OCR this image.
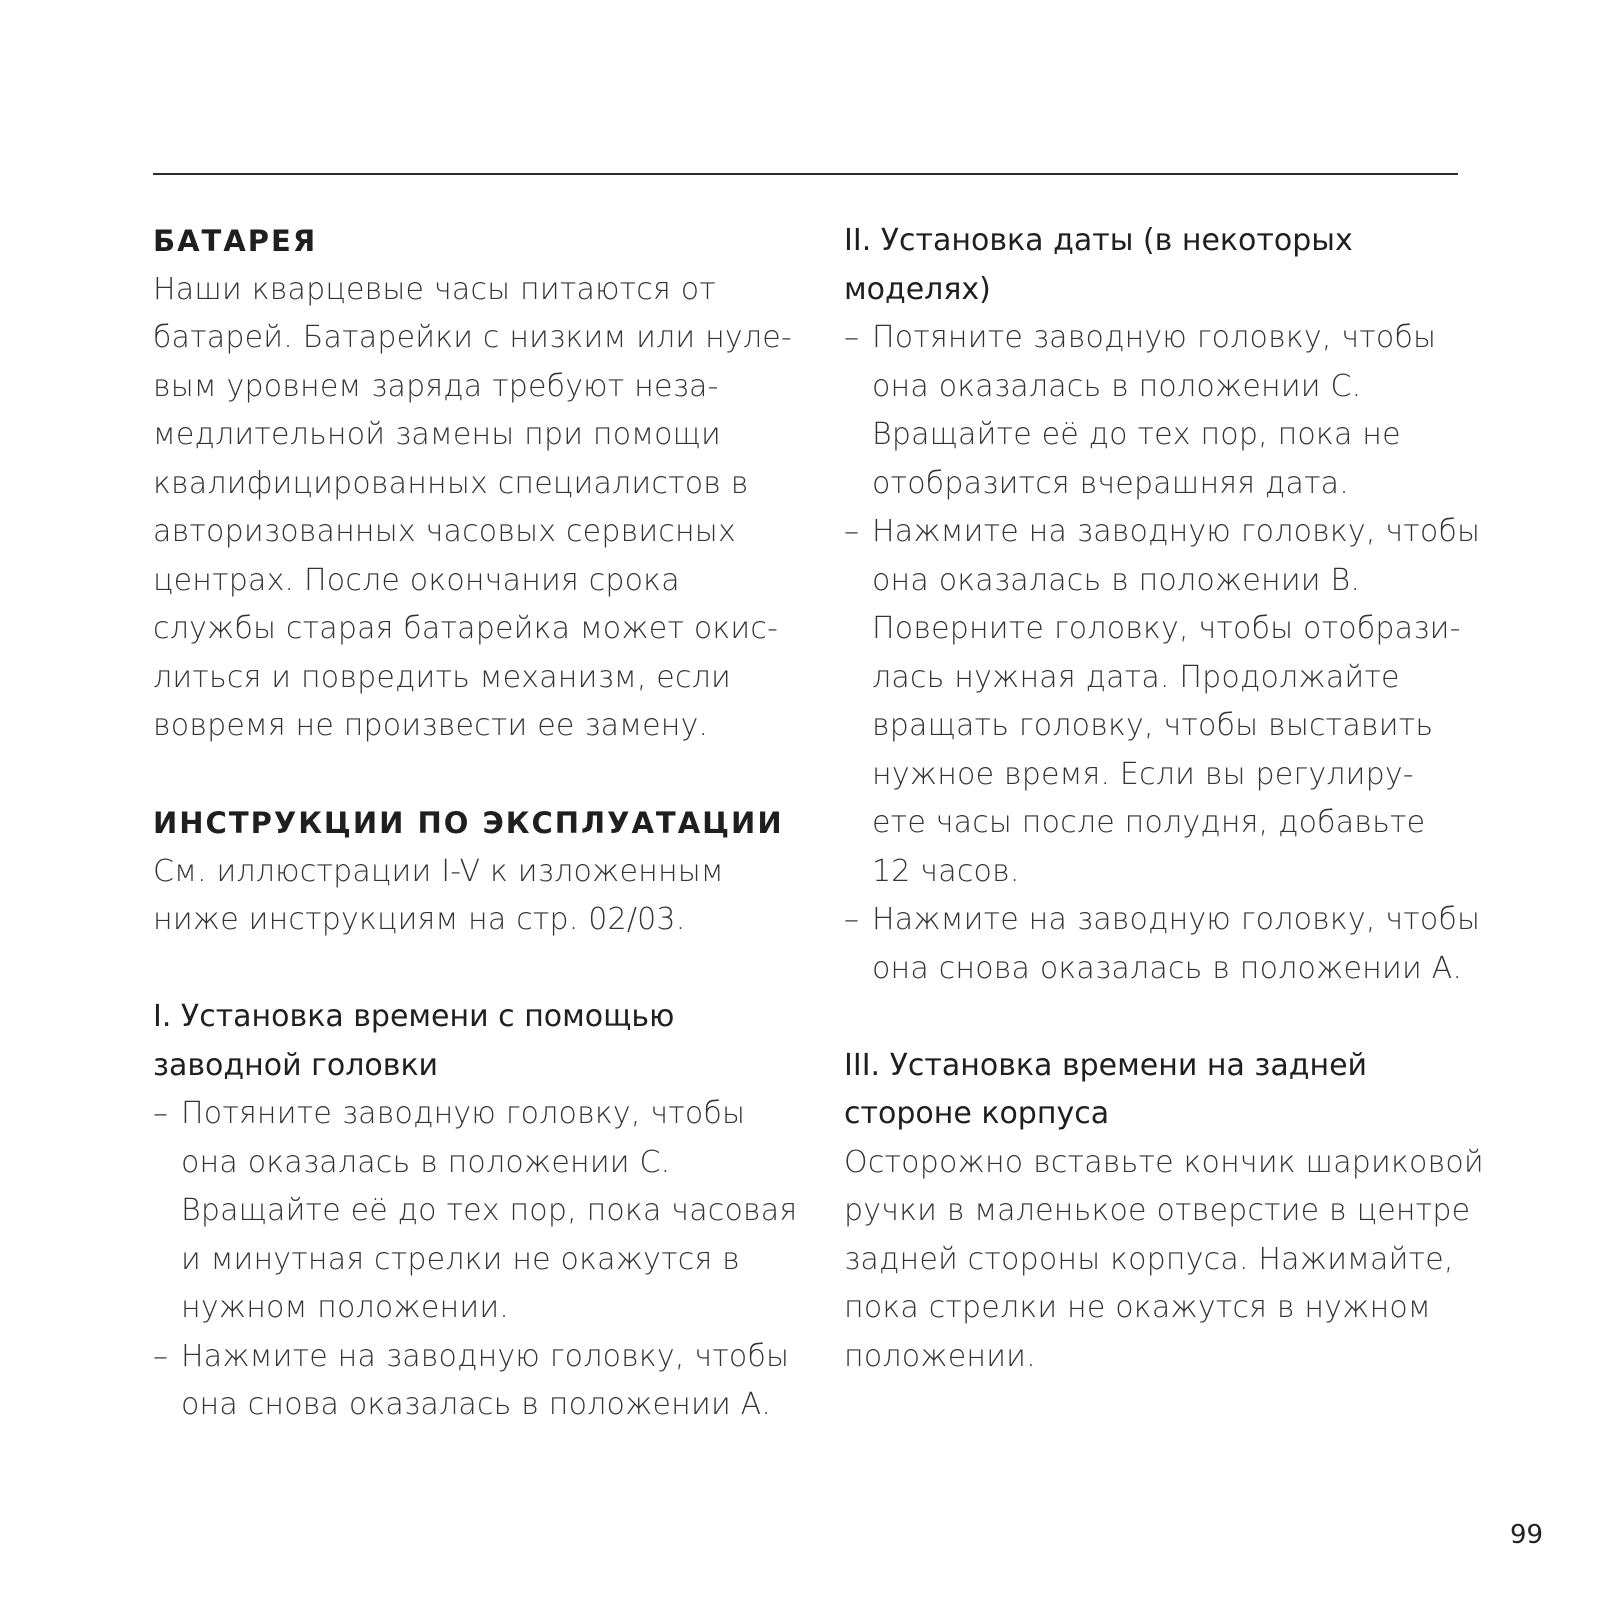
БАТАРЕЯ
Наши кварцевые часы питаются от
батарей. Батарейки с низким или нуле-
вым уровнем заряда требуют неза-
медлительной замены при помощи
квалифицированных специалистов в
авторизованных часовых сервисных
центрах. После окончания срока
службы старая батарейка может окис-
литься и повредить механизм, если
вовремя не произвести ее замену.
ИНСТРУКЦИИ ПО ЭКСПЛУАТАЦИИ
См. иллюстрации I-V к изложенным
ниже инструкциям на стр. 02/03.
I. Установка времени с помощью
заводной головки
– Потяните заводную головку, чтобы
она оказалась в положении С.
Вращайте её до тех пор, пока часовая
и минутная стрелки не окажутся в
нужном положении.
– Нажмите на заводную головку, чтобы
она снова оказалась в положении А.
II. Установка даты (в некоторых
моделях)
– Потяните заводную головку, чтобы
она оказалась в положении С.
Вращайте её до тех пор, пока не
отобразится вчерашняя дата.
– Нажмите на заводную головку, чтобы
она оказалась в положении В.
Поверните головку, чтобы отобрази-
лась нужная дата. Продолжайте
вращать головку, чтобы выставить
нужное время. Если вы регулиру-
ете часы после полудня, добавьте
12 часов.
– Нажмите на заводную головку, чтобы
она снова оказалась в положении А.
III. Установка времени на задней
стороне корпуса
Осторожно вставьте кончик шариковой
ручки в маленькое отверстие в центре
задней стороны корпуса. Нажимайте,
пока стрелки не окажутся в нужном
положении.
99
